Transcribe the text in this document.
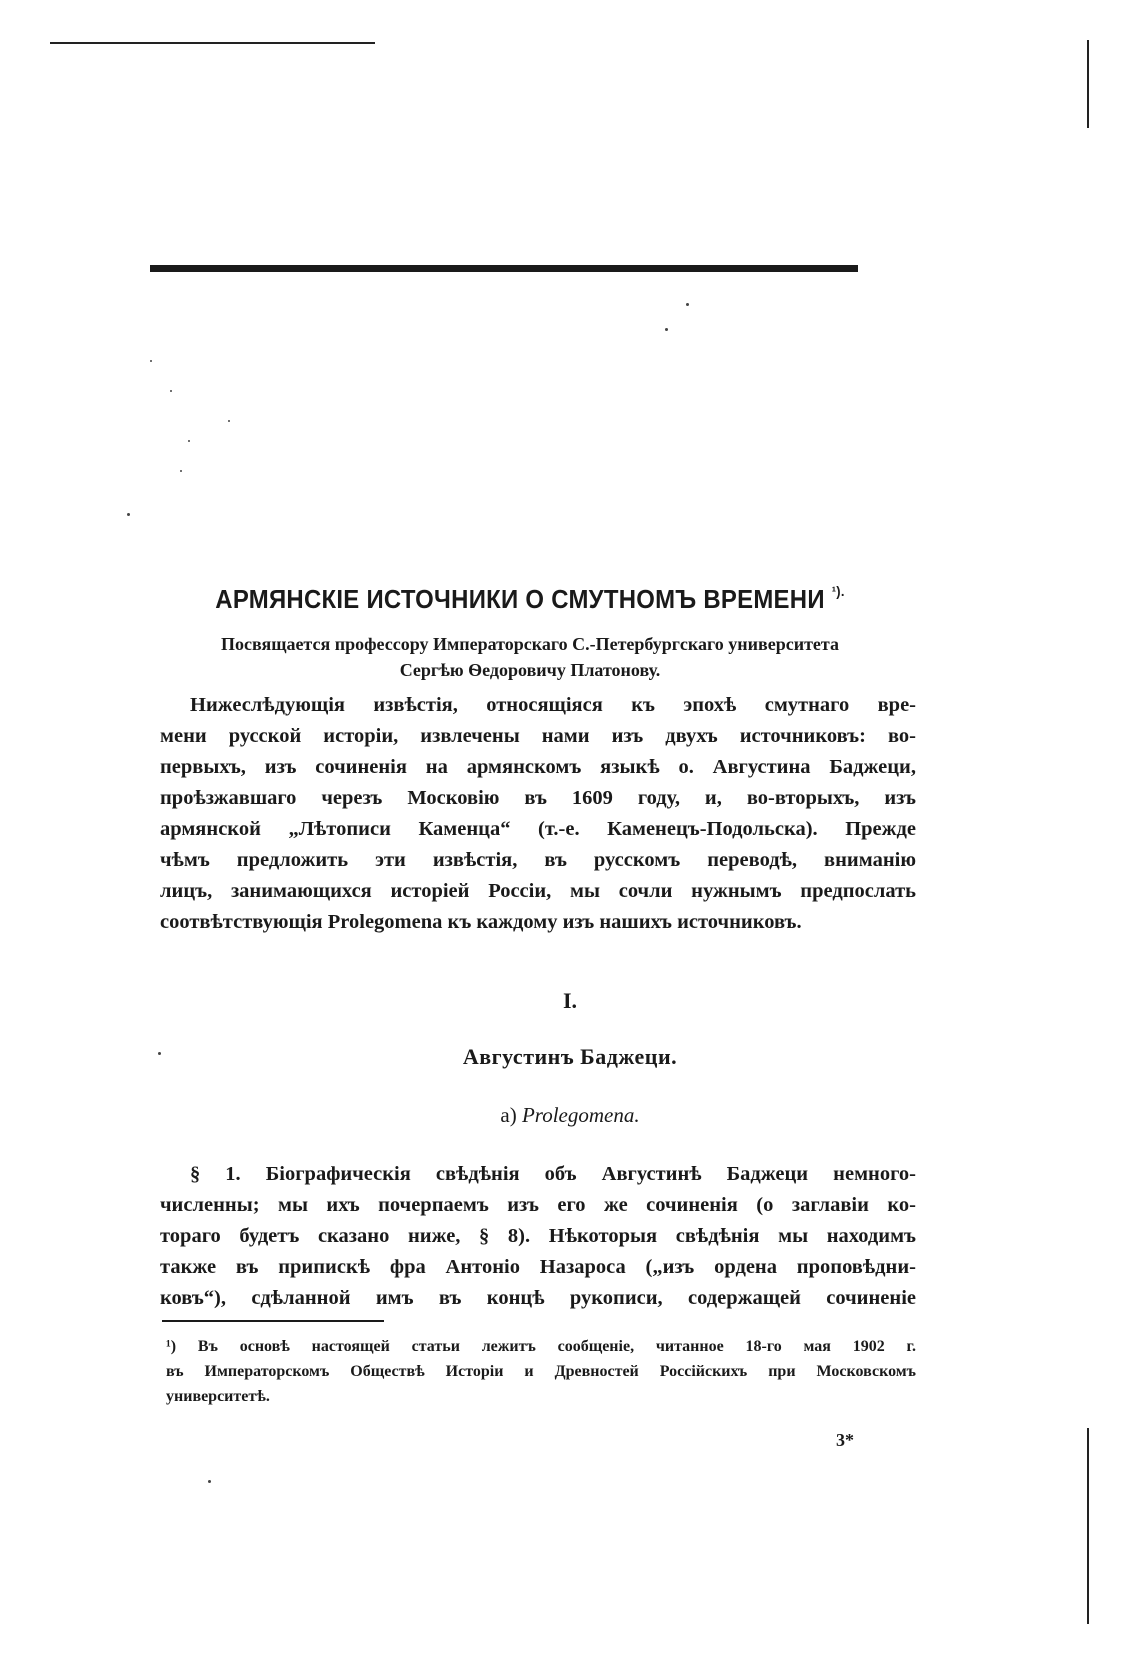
АРМЯНСКІЕ ИСТОЧНИКИ О СМУТНОМЪ ВРЕМЕНИ $^{^1).}$
Посвящается профессору Императорскаго С.-Петербургскаго университета
Сергѣю Ѳедоровичу Платонову.
Нижеслѣдующія извѣстія, относящіяся къ эпохѣ смутнаго вре-
мени русской исторіи, извлечены нами изъ двухъ источниковъ: во-
первыхъ, изъ сочиненія на армянскомъ языкѣ о. Августина Баджеци,
проѣзжавшаго черезъ Московію въ 1609 году, и, во-вторыхъ, изъ
армянской „Лѣтописи Каменца“ (т.-е. Каменецъ-Подольска). Прежде
чѣмъ предложить эти извѣстія, въ русскомъ переводѣ, вниманію
лицъ, занимающихся исторіей Россіи, мы сочли нужнымъ предпослать
соотвѣтствующія Prolegomena къ каждому изъ нашихъ источниковъ.
I.
Августинъ Баджеци.
а) Prolegomena.
§ 1. Біографическія свѣдѣнія объ Августинѣ Баджеци немного-
численны; мы ихъ почерпаемъ изъ его же сочиненія (о заглавіи ко-
тораго будетъ сказано ниже, § 8). Нѣкоторыя свѣдѣнія мы находимъ
также въ припискѣ фра Антоніо Назароса („изъ ордена проповѣдни-
ковъ“), сдѣланной имъ въ концѣ рукописи, содержащей сочиненіе
¹) Въ основѣ настоящей статьи лежитъ сообщеніе, читанное 18-го мая 1902 г.
въ Императорскомъ Обществѣ Исторіи и Древностей Россійскихъ при Московскомъ
университетѣ.
3*
